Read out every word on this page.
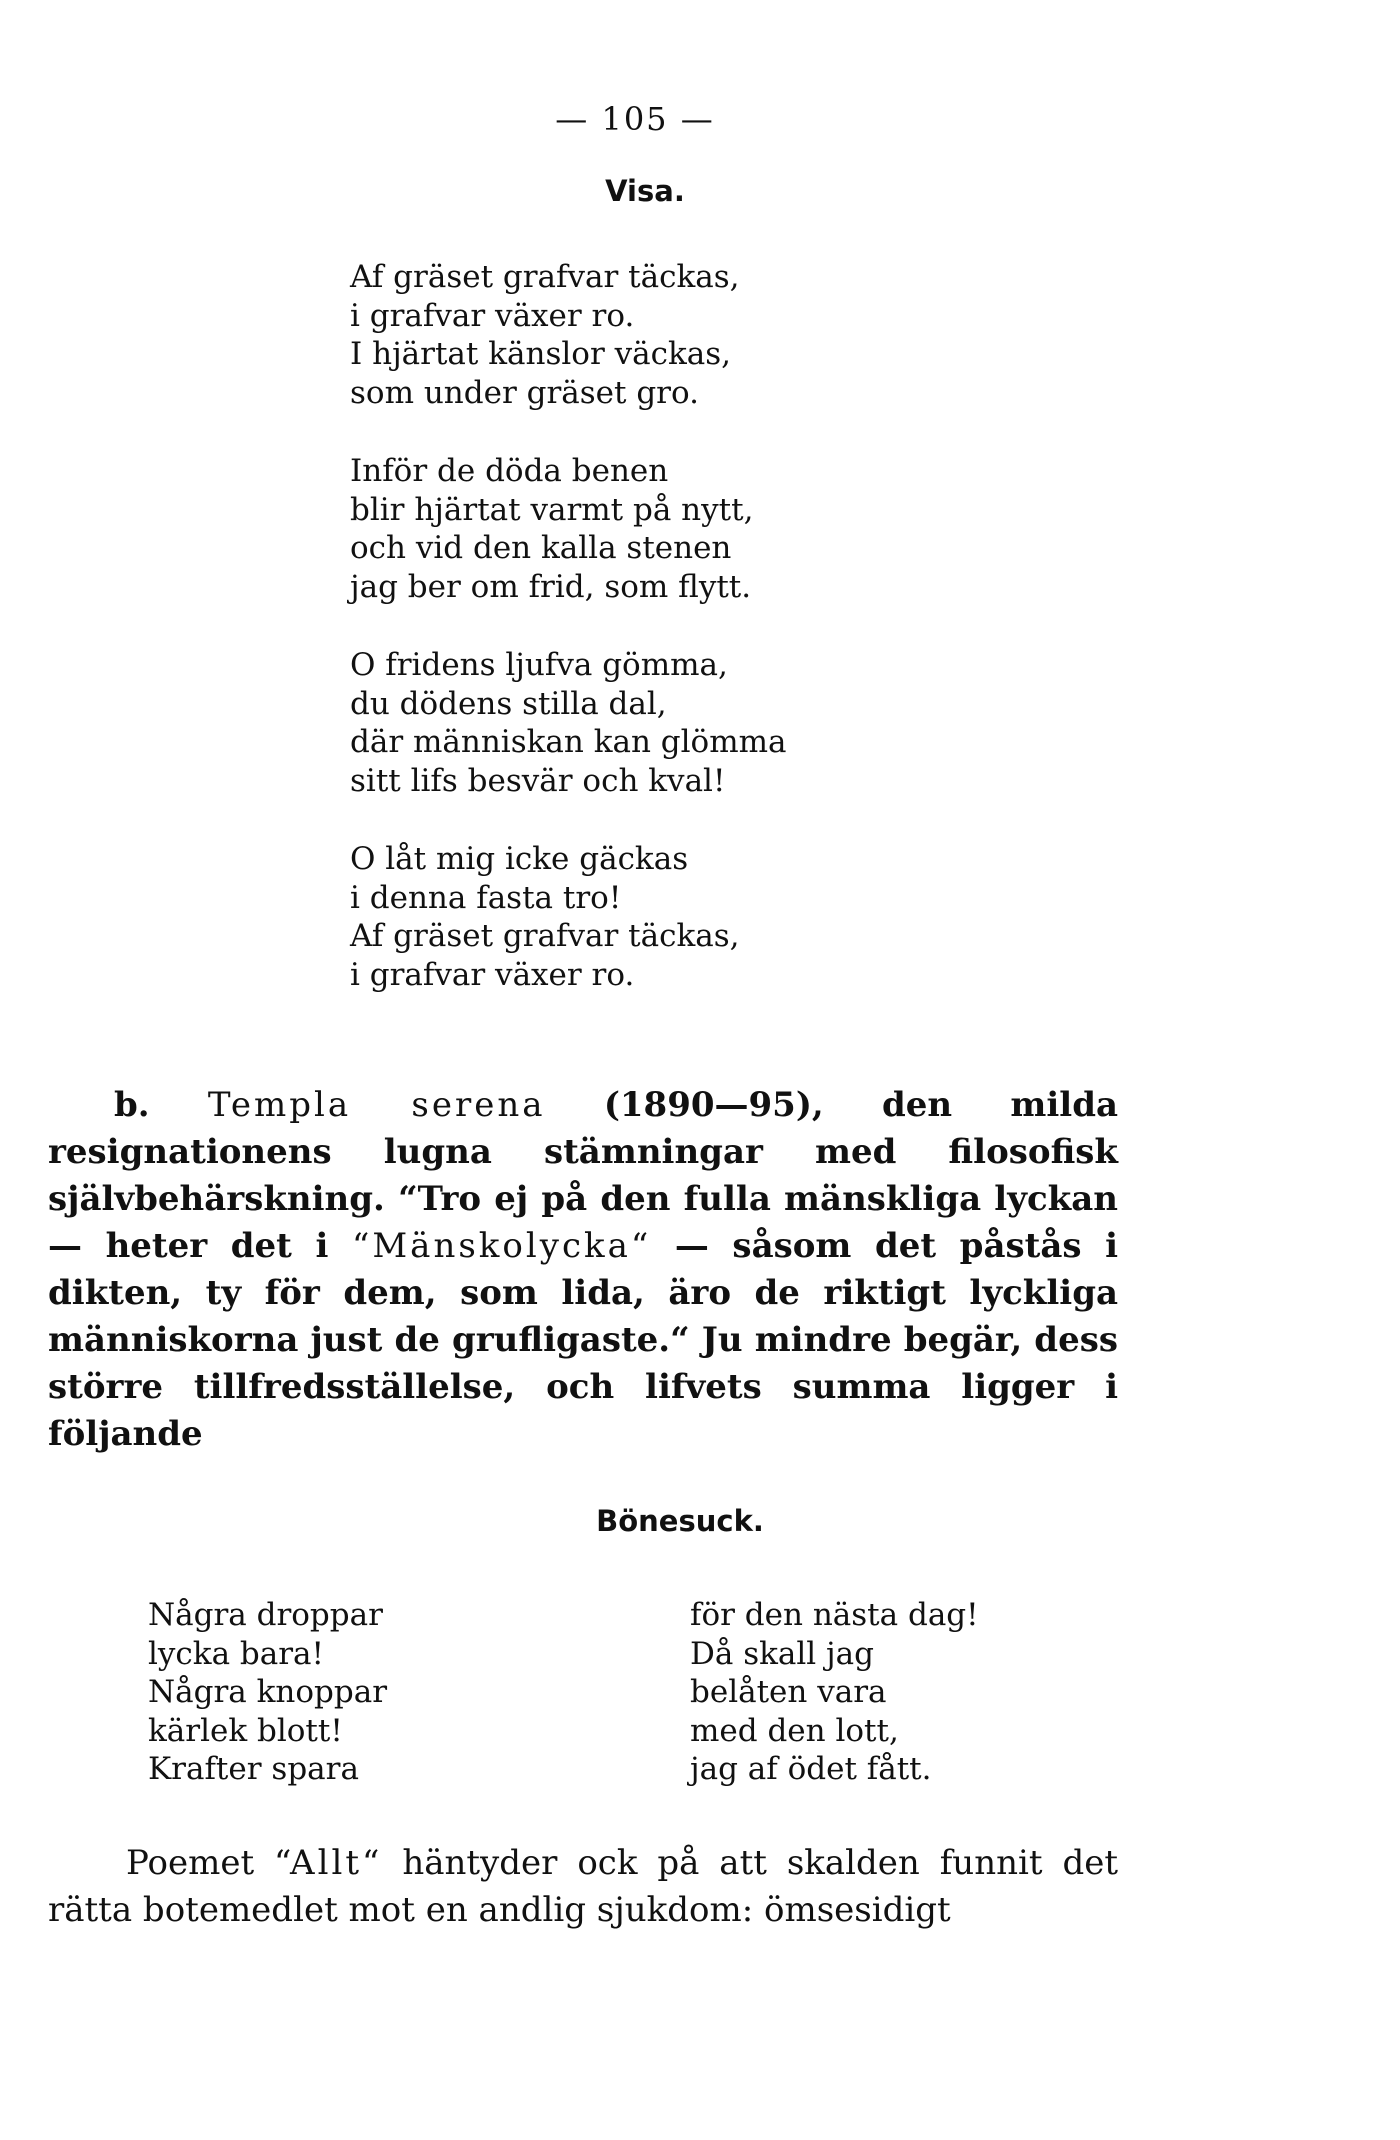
— 105 —
Visa.
Af gräset grafvar täckas,
i grafvar växer ro.
I hjärtat känslor väckas,
som under gräset gro.
Inför de döda benen
blir hjärtat varmt på nytt,
och vid den kalla stenen
jag ber om frid, som flytt.
O fridens ljufva gömma,
du dödens stilla dal,
där människan kan glömma
sitt lifs besvär och kval!
O låt mig icke gäckas
i denna fasta tro!
Af gräset grafvar täckas,
i grafvar växer ro.
b. Templa serena (1890—95), den milda resignationens lugna stämningar med filosofisk självbehärskning. “Tro ej på den fulla mänskliga lyckan — heter det i “Mänskolycka“ — såsom det påstås i dikten, ty för dem, som lida, äro de riktigt lyckliga människorna just de grufligaste.“ Ju mindre begär, dess större tillfredsställelse, och lifvets summa ligger i följande
Bönesuck.
Några droppar
lycka bara!
Några knoppar
kärlek blott!
Krafter spara
för den nästa dag!
Då skall jag
belåten vara
med den lott,
jag af ödet fått.
Poemet “Allt“ häntyder ock på att skalden funnit det rätta botemedlet mot en andlig sjukdom: ömsesidigt
